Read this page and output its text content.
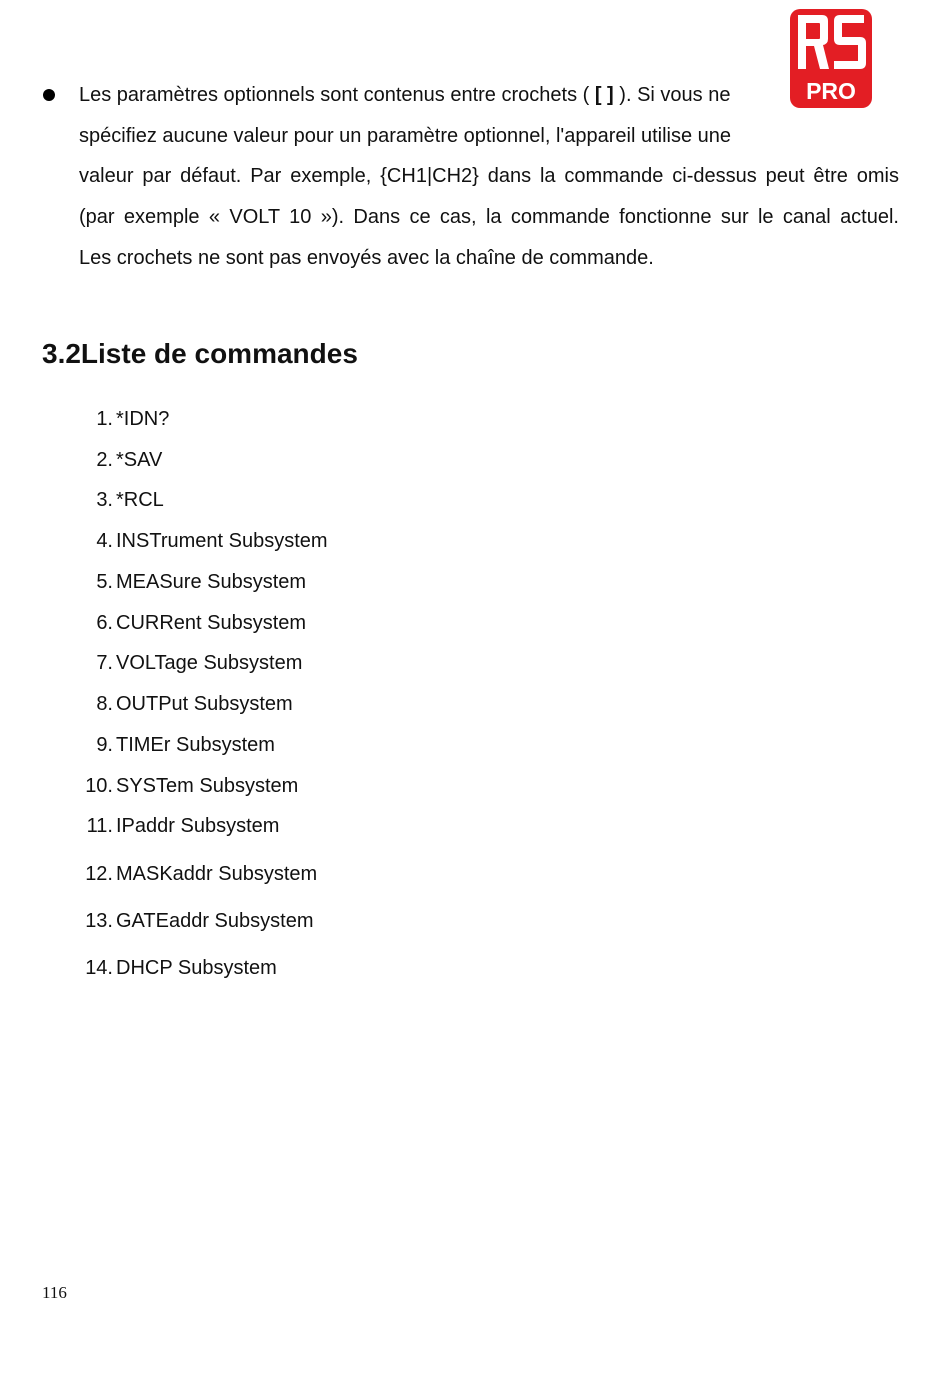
PRO
Les paramètres optionnels sont contenus entre crochets ( [ ] ). Si vous ne
spécifiez aucune valeur pour un paramètre optionnel, l'appareil utilise une
valeur par défaut. Par exemple, {CH1|CH2} dans la commande ci-dessus peut être omis
(par exemple « VOLT 10 »). Dans ce cas, la commande fonctionne sur le canal actuel.
Les crochets ne sont pas envoyés avec la chaîne de commande.
3.2Liste de commandes
1. *IDN?
2. *SAV
3. *RCL
4. INSTrument Subsystem
5. MEASure Subsystem
6. CURRent Subsystem
7. VOLTage Subsystem
8. OUTPut Subsystem
9. TIMEr Subsystem
10. SYSTem Subsystem
11. IPaddr Subsystem
12. MASKaddr Subsystem
13. GATEaddr Subsystem
14. DHCP Subsystem
116
